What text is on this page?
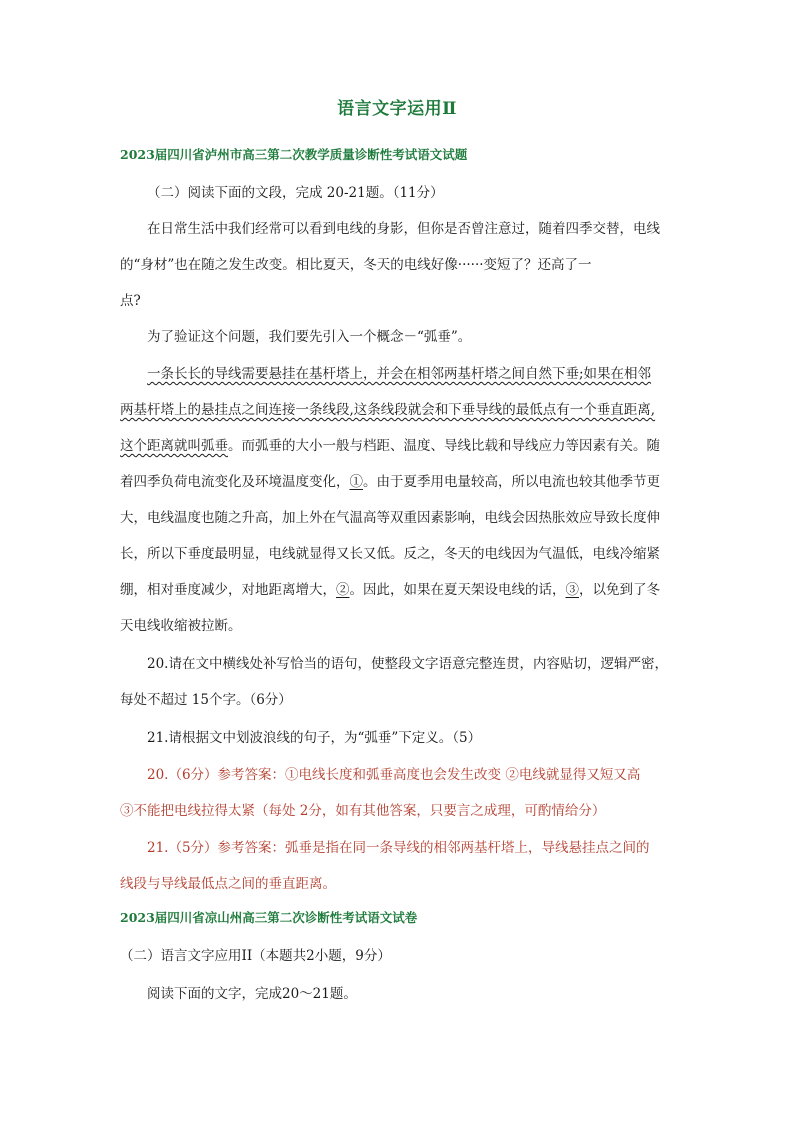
语言文字运用Ⅱ
2023届四川省泸州市高三第二次教学质量诊断性考试语文试题
（二）阅读下面的文段，完成 20-21题。（11分）
在日常生活中我们经常可以看到电线的身影，但你是否曾注意过，随着四季交替，电线
的“身材”也在随之发生改变。相比夏天，冬天的电线好像······变短了？还高了一
点?
为了验证这个问题，我们要先引入一个概念－“弧垂”。
一条长长的导线需要悬挂在基杆塔上，并会在相邻两基杆塔之间自然下垂;如果在相邻
两基杆塔上的悬挂点之间连接一条线段,这条线段就会和下垂导线的最低点有一个垂直距离,
这个距离就叫弧垂。而弧垂的大小一般与档距、温度、导线比载和导线应力等因素有关。随
着四季负荷电流变化及环境温度变化，①。由于夏季用电量较高，所以电流也较其他季节更
大，电线温度也随之升高，加上外在气温高等双重因素影响，电线会因热胀效应导致长度伸
长，所以下垂度最明显，电线就显得又长又低。反之，冬天的电线因为气温低，电线冷缩紧
绷，相对垂度减少，对地距离增大，②。因此，如果在夏天架设电线的话，③，以免到了冬
天电线收缩被拉断。
20.请在文中横线处补写恰当的语句，使整段文字语意完整连贯，内容贴切，逻辑严密，
每处不超过 15个字。（6分）
21.请根据文中划波浪线的句子，为“弧垂”下定义。（5）
20.（6分）参考答案：①电线长度和弧垂高度也会发生改变 ②电线就显得又短又高
③不能把电线拉得太紧（每处 2分，如有其他答案，只要言之成理，可酌情给分）
21.（5分）参考答案：弧垂是指在同一条导线的相邻两基杆塔上，导线悬挂点之间的
线段与导线最低点之间的垂直距离。
2023届四川省凉山州高三第二次诊断性考试语文试卷
（二）语言文字应用II（本题共2小题，9分）
阅读下面的文字，完成20～21题。
